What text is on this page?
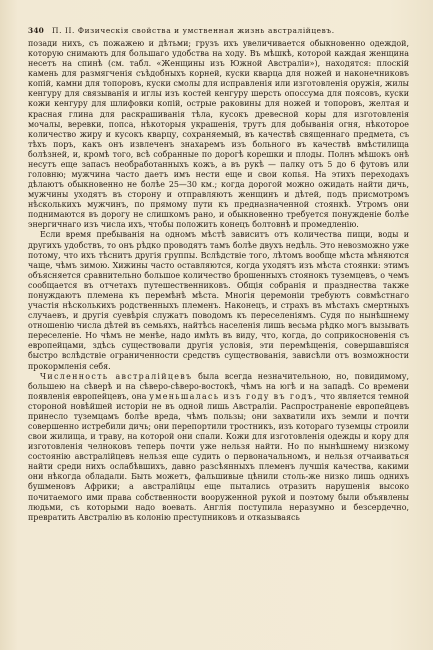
340 П. II. Физическія свойства и умственная жизнь австралійцевъ.

позади нихъ, съ пожажею и дѣтьми; грузъ ихъ увеличивается обыкновенно одеждой, которую снимають для большаго удобства на ходу. Въ мѣшкѣ, которой каждая женщина несетъ на спинѣ (см. табл. «Женщины изъ Южной Австраліи»), находятся: плоскій камень для размягченія съѣдобныхъ корней, куски кварца для ножей и наконечниковъ копій, камни для топоровъ, куски смолы для исправленія или изготовленія оружія, жилы кенгуру для связыванія и иглы изъ костей кенгуру шерсть опоссума для поясовъ, куски кожи кенгуру для шлифовки копій, острые раковины для ножей и топоровъ, желтая и красная глина для раскрашиванія тѣла, кусокъ древесной коры для изготовленія мочалы, веревки, попса, нѣкоторыя украшенія, трутъ для добыванія огня, нѣкоторое количество жиру и кусокъ кварцу, сохраняемый, въ качествѣ священнаго предмета, съ тѣхъ поръ, какъ онъ извлеченъ знахаремъ изъ больного въ качествѣ вмѣстилища болѣзней, и, кромѣ того, всѣ собранные по дорогѣ корешки и плоды. Полнъ мѣшокъ онѣ несутъ еще запасъ необработанныхъ кожъ, а въ рукѣ — палку отъ 5 до 6 футовъ или головню; мужчина часто даетъ имъ нести еще и свои копья. На этихъ переходахъ дѣлаютъ обыкновенно не болѣе 25—30 км.; когда дорогой можно ожидать найти дичь, мужчины уходятъ въ сторону и отправляютъ женщинъ и дѣтей, подъ присмотромъ нѣсколькихъ мужчинъ, по прямому пути къ предназначенной стоянкѣ. Утромъ они поднимаются въ дорогу не слишкомъ рано, и обыкновенно требуется понужденіе болѣе энергичнаго изъ числа ихъ, чтобы положить конецъ болтовнѣ и промедленію.

Если время пребыванія на одномъ мѣстѣ зависитъ отъ количества пищи, воды и другихъ удобствъ, то онъ рѣдко проводятъ тамъ болѣе двухъ недѣль. Это невозможно уже потому, что ихъ тѣснитъ другія группы. Вслѣдствіе того, лѣтомъ вообще мѣста мѣняются чаще, чѣмъ зимою. Хижины часто оставляются, когда уходятъ изъ мѣста стоянки: этимъ объясняется сравнительно большое количество брошенныхъ стоянокъ туземцевъ, о чемъ сообщается въ отчетахъ путешественниковъ. Общія собранія и празднества также понуждаютъ племена къ перемѣнѣ мѣста. Многія церемоніи требуютъ совмѣстнаго участія нѣсколькихъ родственныхъ племенъ. Наконецъ, и страхъ въ мѣстахъ смертныхъ случаевъ, и другія суевѣрія служатъ поводомъ къ переселеніямъ. Судя по нынѣшнему отношенію числа дѣтей въ семьяхъ, найтѣсь населенія лишь весьма рѣдко могъ вызывать переселеніе. Но чѣмъ не менѣе, надо имѣть въ виду, что, когда, до соприкосновенія съ европейцами, здѣсь существовали другія условія, эти перемѣщенія, совершавшіяся быстро вслѣдствіе ограниченности средствъ существованія, зависѣли отъ возможности прокормленія себя.

Численность австралійцевъ была всегда незначительною, но, повидимому, большею на сѣверѣ и на сѣверо-сѣверо-востокѣ, чѣмъ на югѣ и на западѣ. Со времени появленія европейцевъ, она уменьшалась изъ году въ годъ, что является темной стороной новѣйшей исторіи не въ одной лишь Австраліи. Распространеніе европейцевъ принесло туземцамъ болѣе вреда, чѣмъ пользы; они захватили ихъ земли и почти совершенно истребили дичь; они перепортили тростникъ, изъ котораго туземцы строили свои жилища, и траву, на которой они спали. Кожи для изготовленія одежды и кору для изготовленія челноковъ теперь почти уже нельзя найти. Но по нынѣшнему низкому состоянію австралійцевъ нельзя еще судить о первоначальномъ, и нельзя отчаиваться найти среди нихъ ослабѣвшихъ, давно разсѣянныхъ племенъ лучшія качества, какими они нѣкогда обладали. Быть можетъ, фальшивые цѣнили столь-же низко лишь однихъ бушменовъ Африки; а австралійцы еще пытались отразить нарушенія высоко почитаемого ими права собственности вооруженной рукой и поэтому были объявлены людьми, съ которыми надо воевать. Англія поступила неразумно и безсердечно, превратить Австралію въ колонію преступниковъ и отказываясь
